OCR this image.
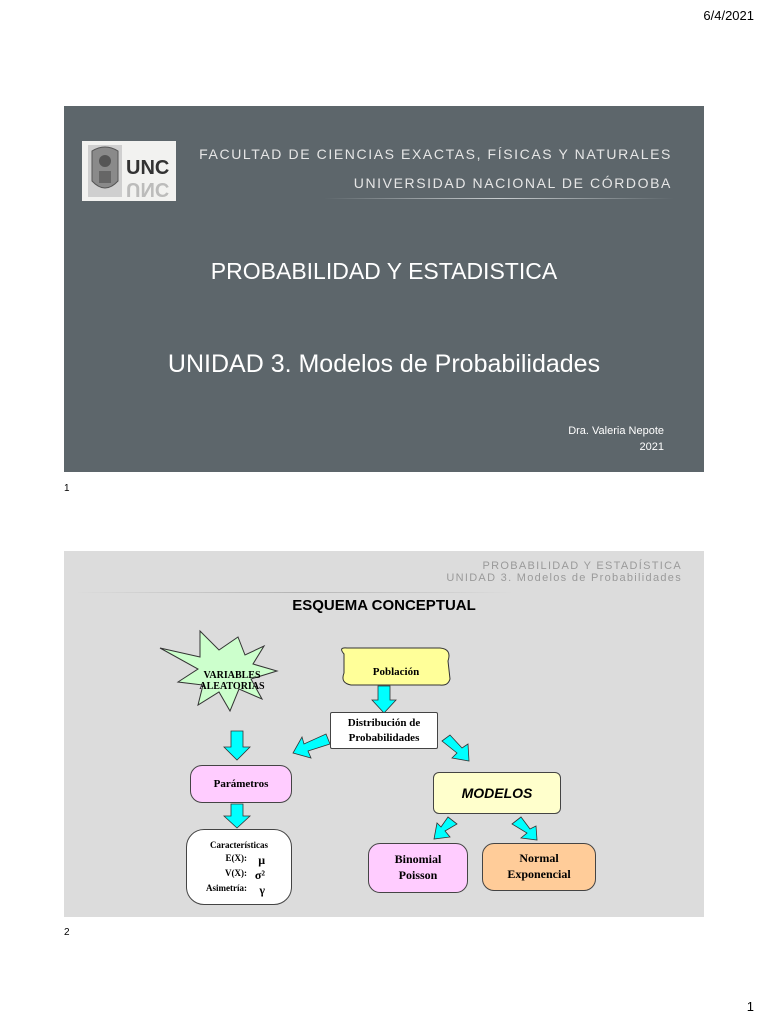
6/4/2021
UNC
UNC
FACULTAD DE CIENCIAS EXACTAS, FÍSICAS Y NATURALES
UNIVERSIDAD NACIONAL DE CÓRDOBA
PROBABILIDAD Y ESTADISTICA
UNIDAD 3. Modelos de Probabilidades
Dra. Valeria Nepote
2021
1
PROBABILIDAD Y ESTADÍSTICA
UNIDAD 3. Modelos de Probabilidades
ESQUEMA CONCEPTUAL
VARIABLES
ALEATORIAS
Población
Distribución de
Probabilidades
Parámetros
MODELOS
Características
E(X): μ
V(X): σ²
Asimetría:	γ
Binomial
Poisson
Normal
Exponencial
2
1
